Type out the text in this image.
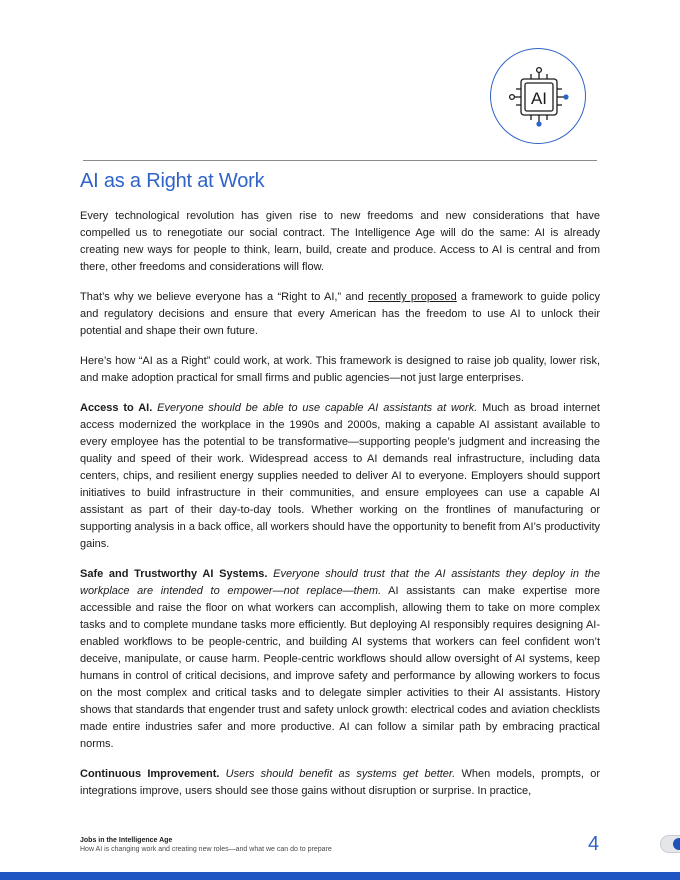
AI
AI as a Right at Work

Every technological revolution has given rise to new freedoms and new considerations that have compelled us to renegotiate our social contract. The Intelligence Age will do the same: AI is already creating new ways for people to think, learn, build, create and produce. Access to AI is central and from there, other freedoms and considerations will flow.

That’s why we believe everyone has a “Right to AI,” and recently proposed a framework to guide policy and regulatory decisions and ensure that every American has the freedom to use AI to unlock their potential and shape their own future.

Here’s how “AI as a Right” could work, at work. This framework is designed to raise job quality, lower risk, and make adoption practical for small firms and public agencies—not just large enterprises.

Access to AI. Everyone should be able to use capable AI assistants at work. Much as broad internet access modernized the workplace in the 1990s and 2000s, making a capable AI assistant available to every employee has the potential to be transformative—supporting people’s judgment and increasing the quality and speed of their work. Widespread access to AI demands real infrastructure, including data centers, chips, and resilient energy supplies needed to deliver AI to everyone. Employers should support initiatives to build infrastructure in their communities, and ensure employees can use a capable AI assistant as part of their day-to-day tools. Whether working on the frontlines of manufacturing or supporting analysis in a back office, all workers should have the opportunity to benefit from AI’s productivity gains.

Safe and Trustworthy AI Systems. Everyone should trust that the AI assistants they deploy in the workplace are intended to empower—not replace—them. AI assistants can make expertise more accessible and raise the floor on what workers can accomplish, allowing them to take on more complex tasks and to complete mundane tasks more efficiently. But deploying AI responsibly requires designing AI-enabled workflows to be people-centric, and building AI systems that workers can feel confident won’t deceive, manipulate, or cause harm. People-centric workflows should allow oversight of AI systems, keep humans in control of critical decisions, and improve safety and performance by allowing workers to focus on the most complex and critical tasks and to delegate simpler activities to their AI assistants. History shows that standards that engender trust and safety unlock growth: electrical codes and aviation checklists made entire industries safer and more productive. AI can follow a similar path by embracing practical norms.

Continuous Improvement. Users should benefit as systems get better. When models, prompts, or integrations improve, users should see those gains without disruption or surprise. In practice,

Jobs in the Intelligence Age
How AI is changing work and creating new roles—and what we can do to prepare	4
